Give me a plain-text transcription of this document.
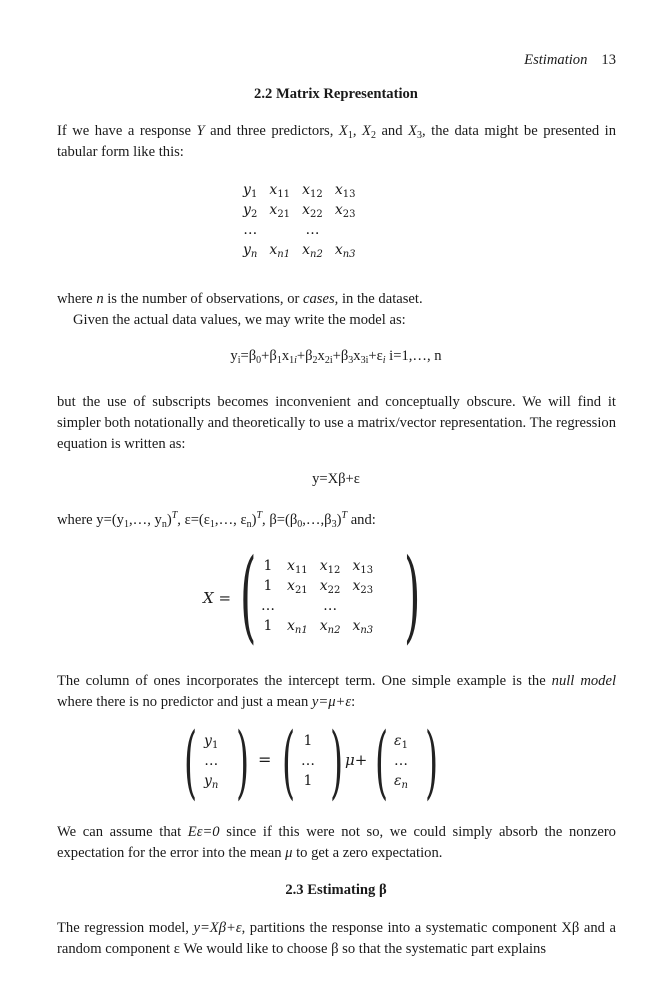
Estimation 13
2.2 Matrix Representation
If we have a response Y and three predictors, $X_1$, $X_2$ and $X_3$, the data might be presented in tabular form like this:
$y_1$	$x_{11}$	$x_{12}$	$x_{13}$
$y_2$	$x_{21}$	$x_{22}$	$x_{23}$
…		…	
$y_n$	$x_{n1}$	$x_{n2}$	$x_{n3}$
where n is the number of observations, or cases, in the dataset.
Given the actual data values, we may write the model as:
$y_i=\beta_0+\beta_1x_{1i}+\beta_2x_{2i}+\beta_3x_{3i}+\varepsilon_i$ i=1,…, n
but the use of subscripts becomes inconvenient and conceptually obscure. We will find it simpler both notationally and theoretically to use a matrix/vector representation. The regression equation is written as:
y=Xβ+ε
where $y=(y_1,\dots$, $y_n)^T$, $\varepsilon=(\varepsilon_1,\dots$, $\varepsilon_n)^T$, $\beta=(\beta_0,\dots,\beta_3)^T$ and:
X = ( 1	$x_{11}$	$x_{12}$	$x_{13}$
1	$x_{21}$	$x_{22}$	$x_{23}$
…		…	
1	$x_{n1}$	$x_{n2}$	$x_{n3}$ )
The column of ones incorporates the intercept term. One simple example is the null model where there is no predictor and just a mean y=μ+ε:
( $y_1$
…
$y_n$ ) = ( 1
…
1 ) μ+ ( $\varepsilon_1$
…
$\varepsilon_n$ )
We can assume that Eε=0 since if this were not so, we could simply absorb the nonzero expectation for the error into the mean μ to get a zero expectation.
2.3 Estimating β
The regression model, y=Xβ+ε, partitions the response into a systematic component Xβ and a random component ε We would like to choose β so that the systematic part explains
